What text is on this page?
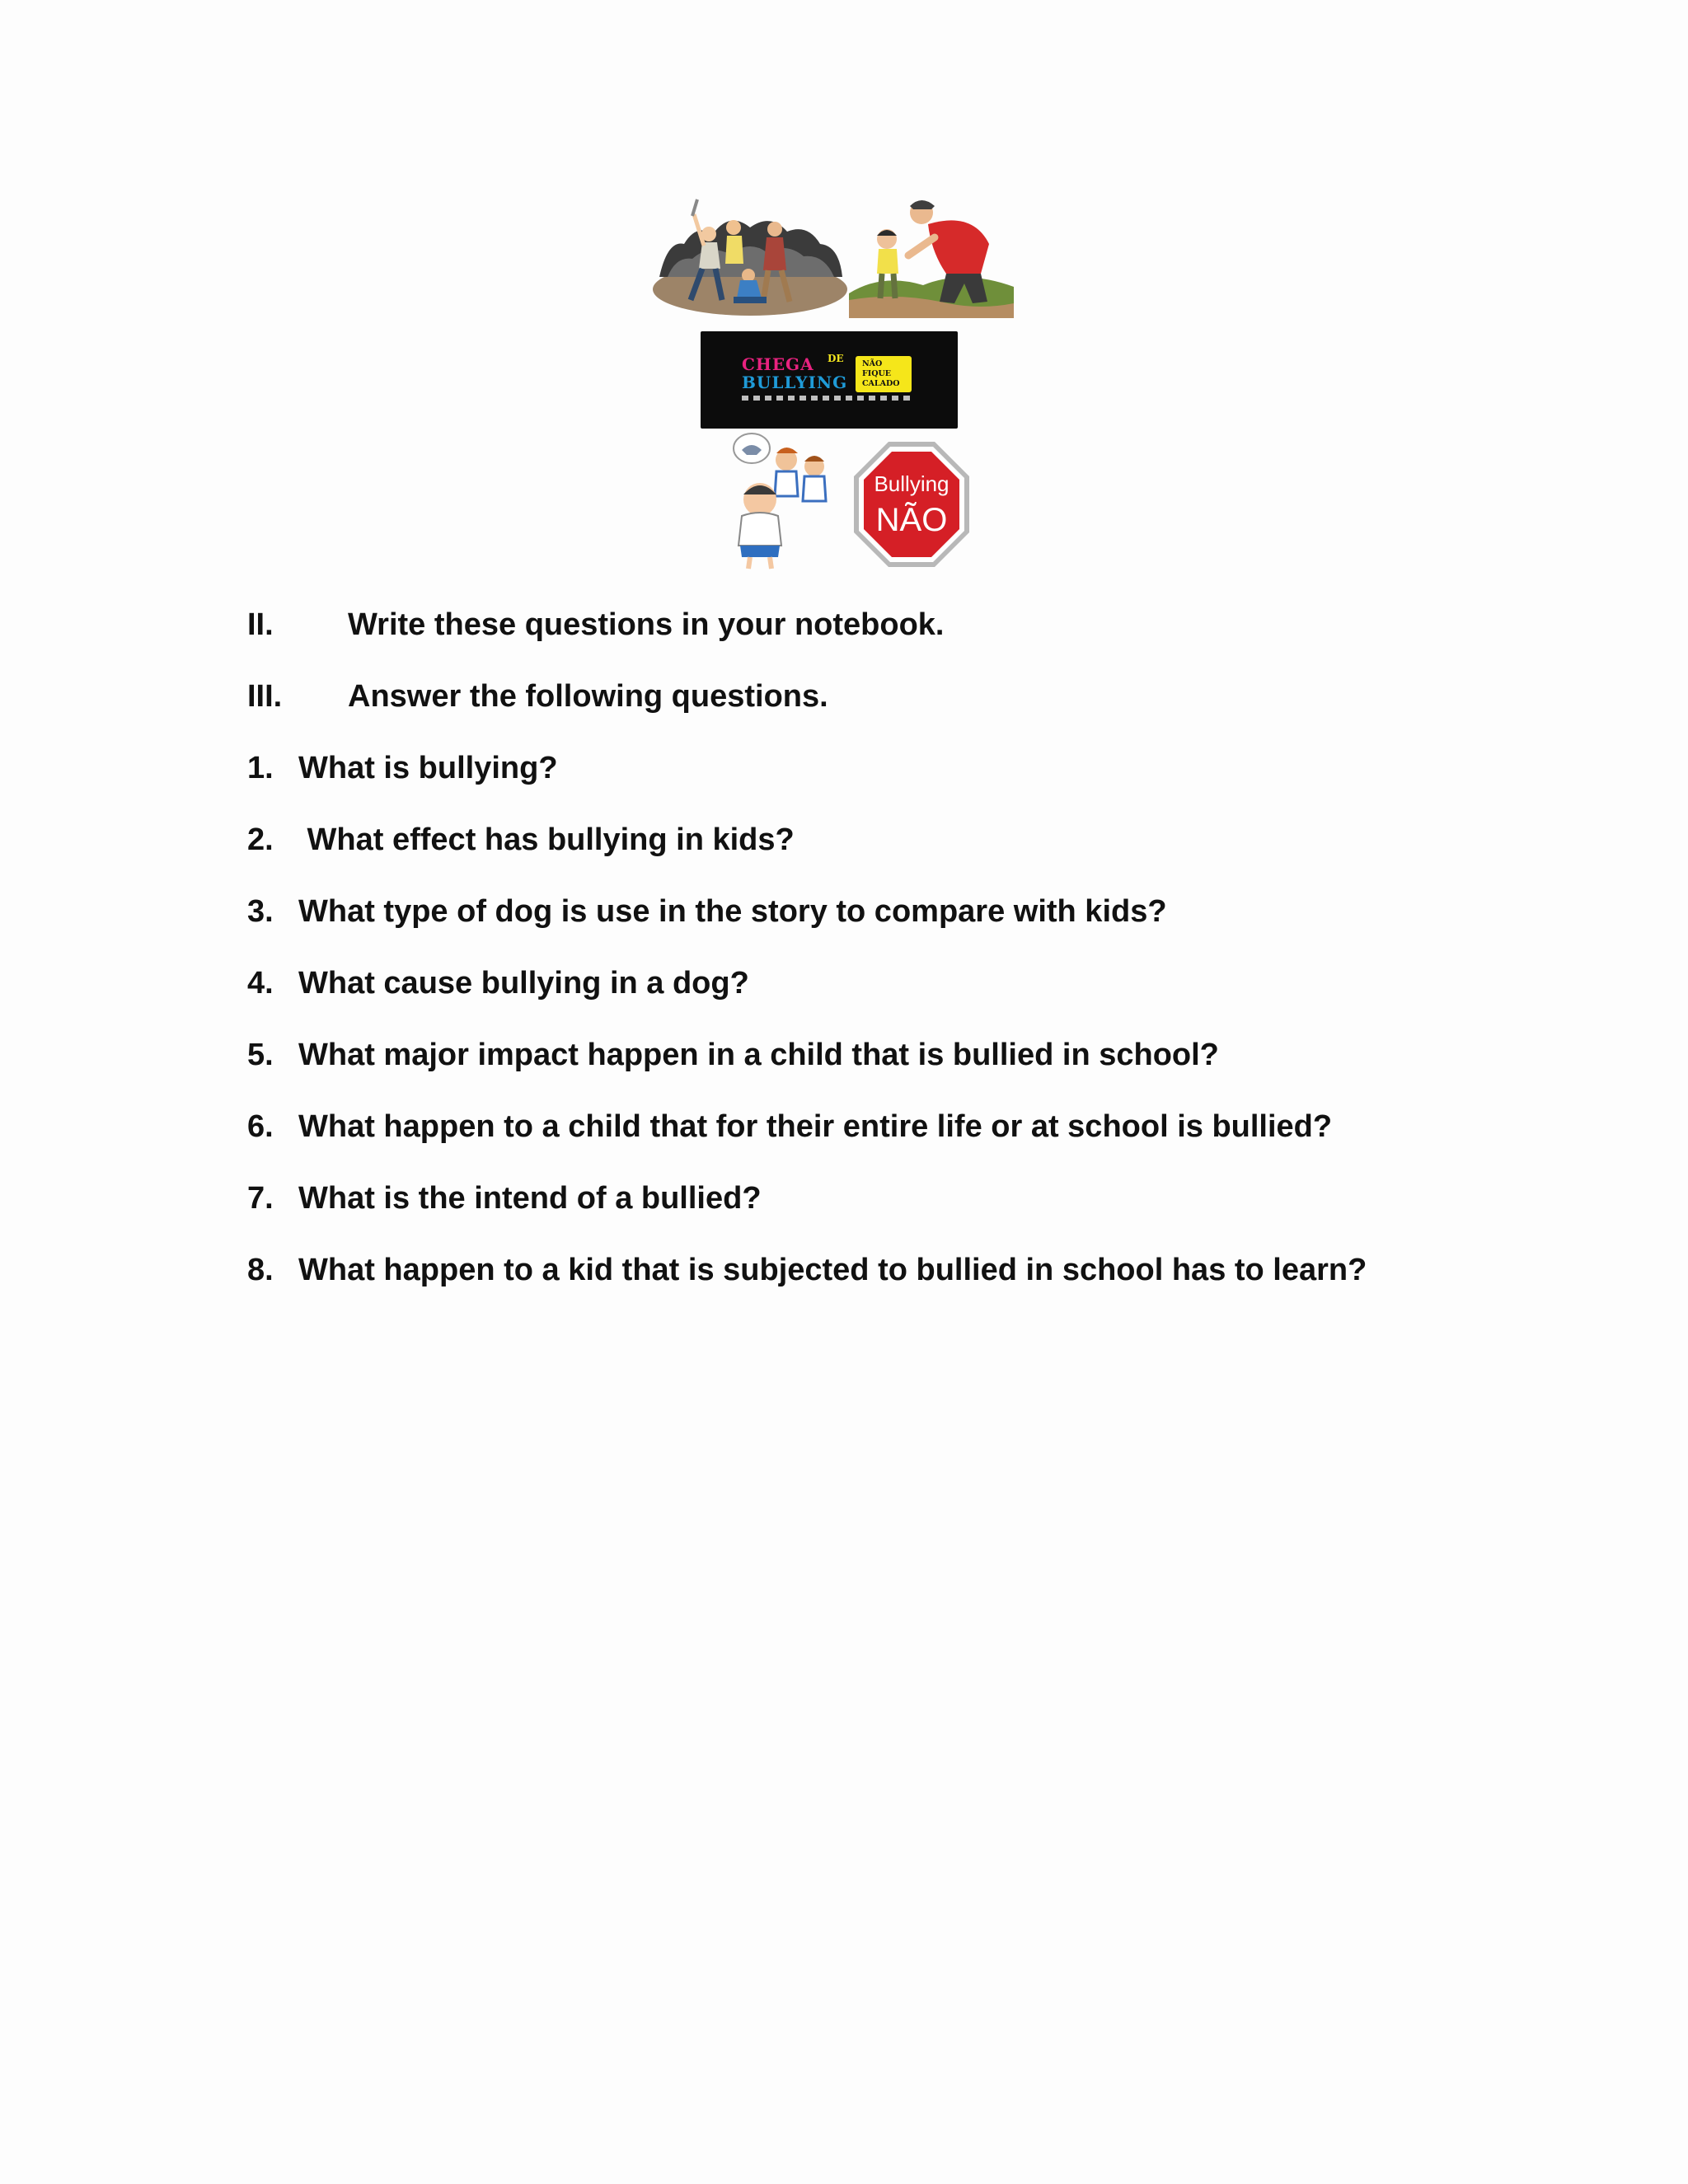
CHEGA DE
BULLYING
NÃO
FIQUE
CALADO
Bullying
NÃO
II. Write these questions in your notebook.
III. Answer the following questions.
1. What is bullying?
2. What effect has bullying in kids?
3. What type of dog is use in the story to compare with kids?
4. What cause bullying in a dog?
5. What major impact happen in a child that is bullied in school?
6. What happen to a child that for their entire life or at school is bullied?
7. What is the intend of a bullied?
8. What happen to a kid that is subjected to bullied in school has to learn?
